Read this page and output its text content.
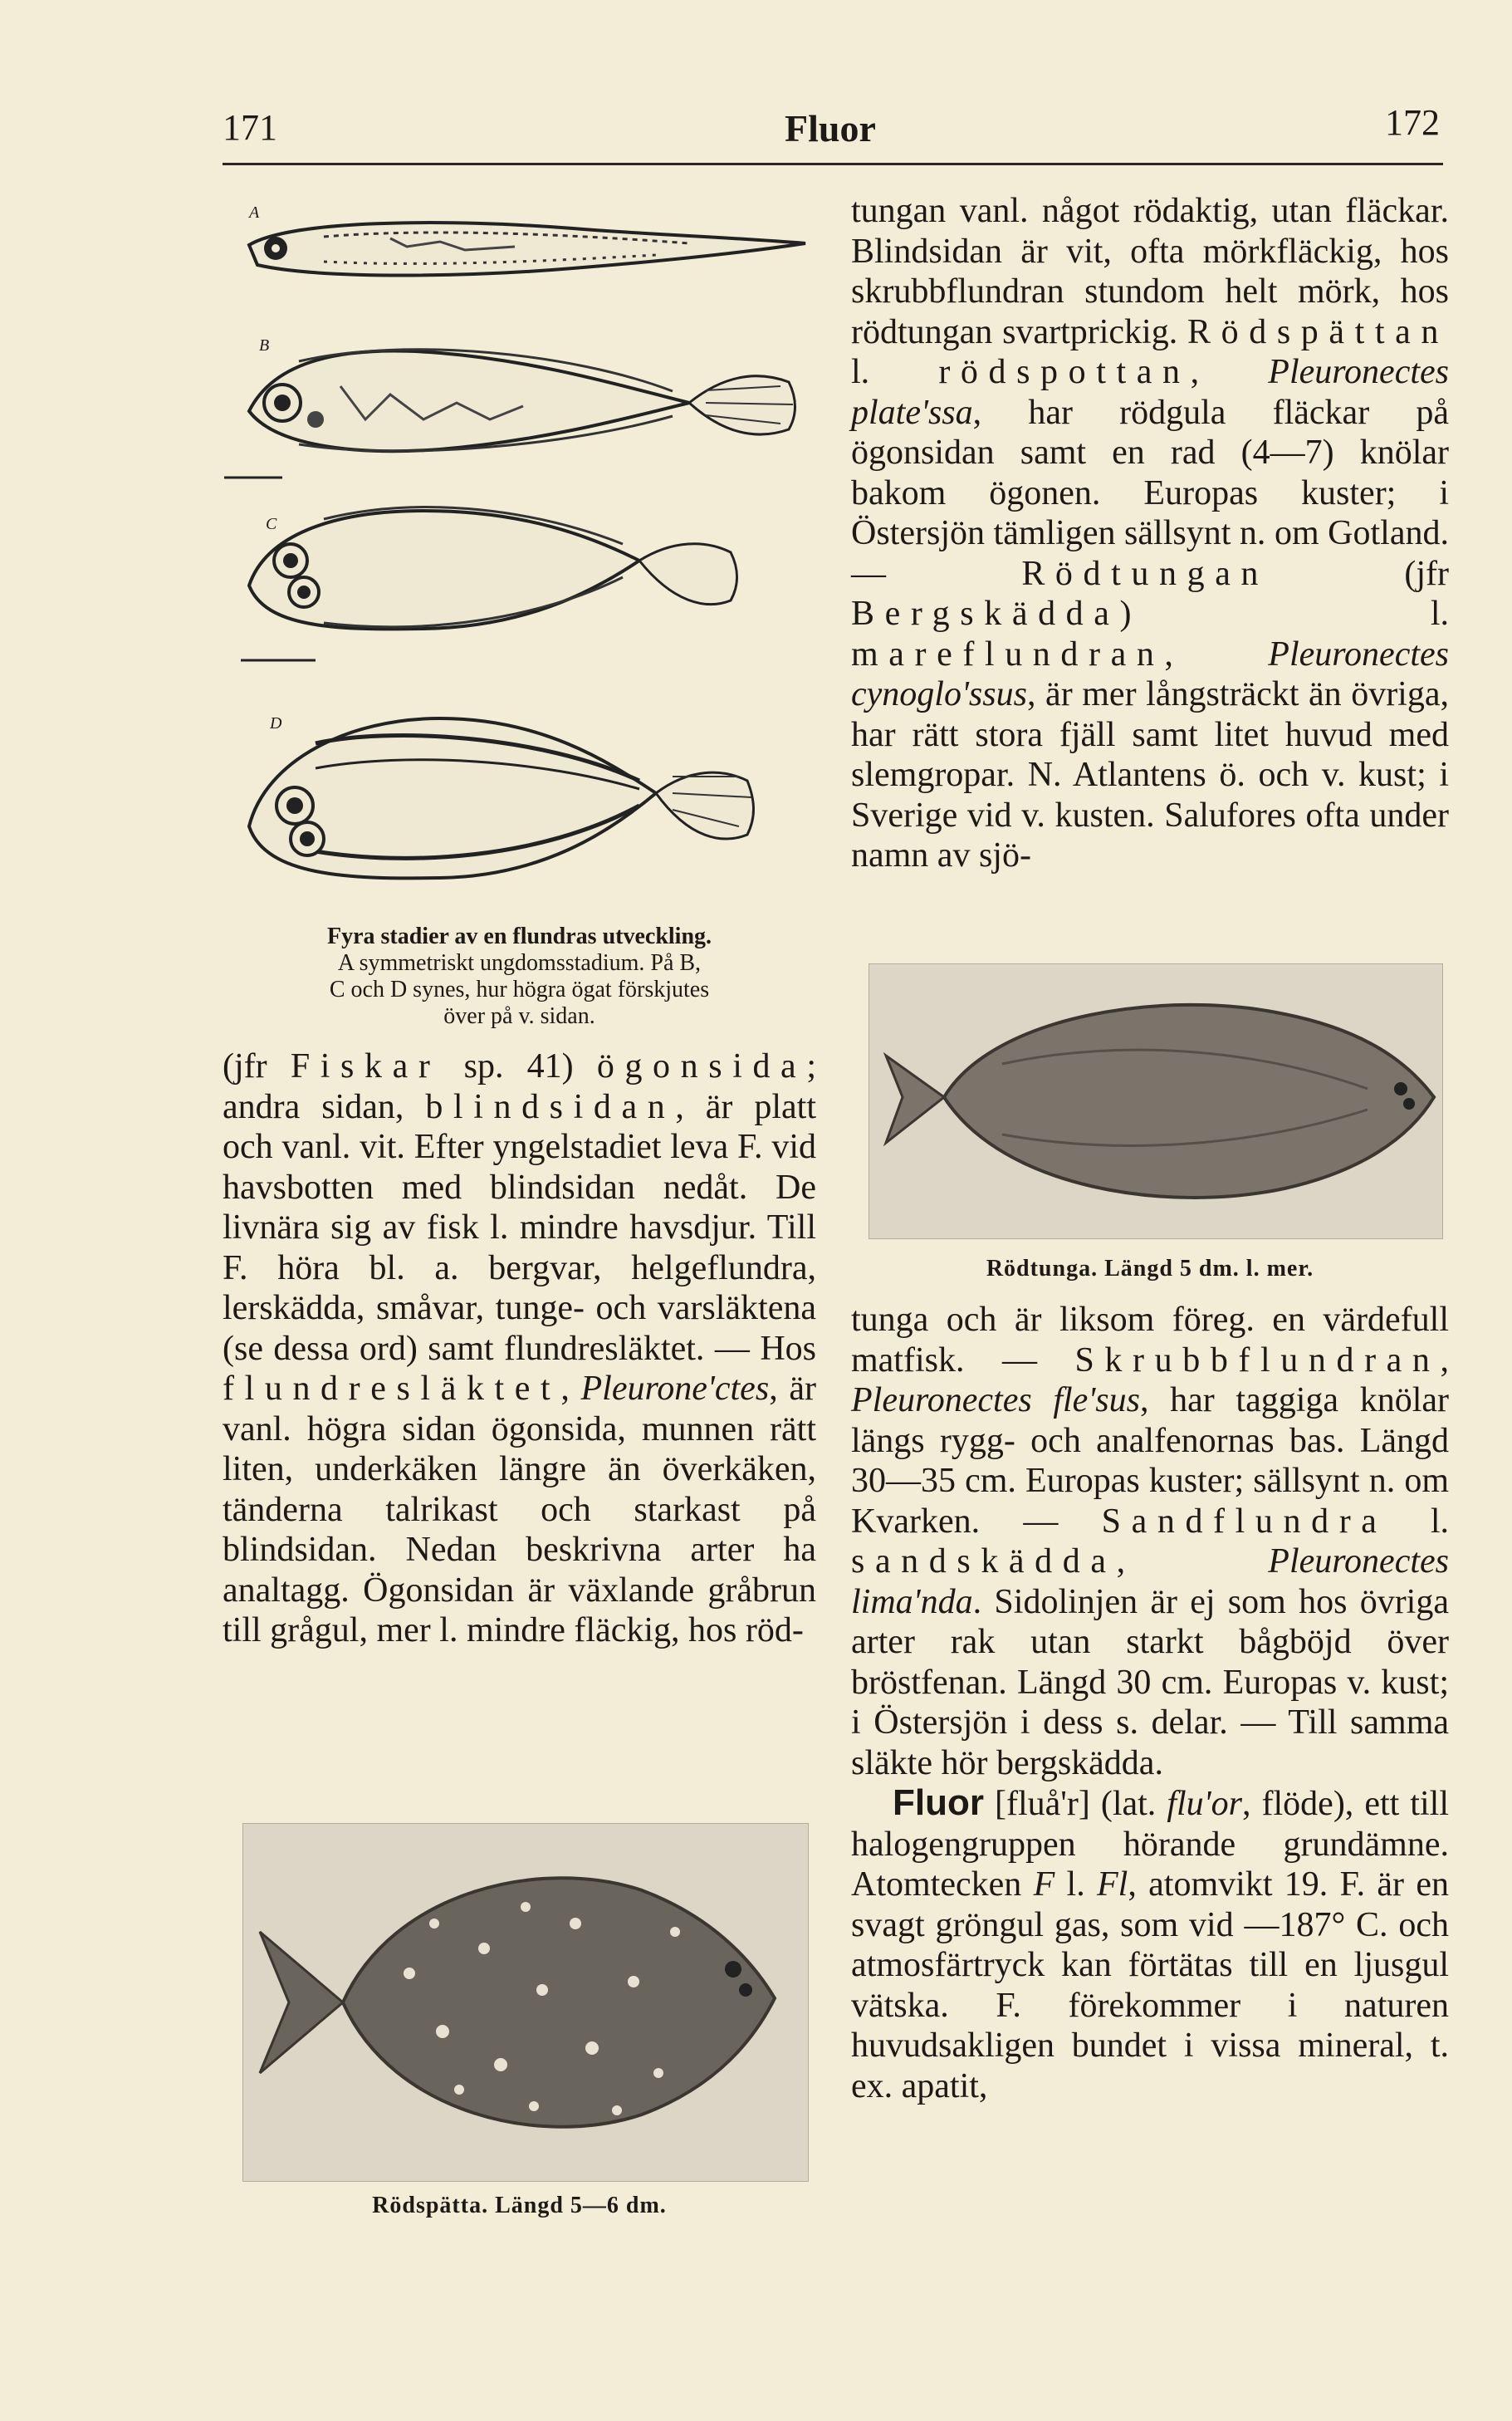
171	Fluor	172
A
B
C
D
Fyra stadier av en flundras utveckling.
A symmetriskt ungdomsstadium. På B,
C och D synes, hur högra ögat förskjutes
över på v. sidan.

(jfr Fiskar sp. 41) ögonsida; andra sidan, blindsidan, är platt och vanl. vit. Efter yngelstadiet leva F. vid havsbotten med blindsidan nedåt. De livnära sig av fisk l. mindre havsdjur. Till F. höra bl. a. bergvar, helgeflundra, lerskädda, småvar, tunge- och varsläktena (se dessa ord) samt flundresläktet. — Hos flundresläktet, Pleurone'ctes, är vanl. högra sidan ögonsida, munnen rätt liten, underkäken längre än överkäken, tänderna talrikast och starkast på blindsidan. Nedan beskrivna arter ha analtagg. Ögonsidan är växlande gråbrun till grågul, mer l. mindre fläckig, hos röd-

Rödspätta. Längd 5—6 dm.

tungan vanl. något rödaktig, utan fläckar. Blindsidan är vit, ofta mörkfläckig, hos skrubbflundran stundom helt mörk, hos rödtungan svartprickig. Rödspättan l. rödspottan, Pleuronectes plate'ssa, har rödgula fläckar på ögonsidan samt en rad (4—7) knölar bakom ögonen. Europas kuster; i Östersjön tämligen sällsynt n. om Gotland. — Rödtungan (jfr Bergskädda) l. mareflundran, Pleuronectes cynoglo'ssus, är mer långsträckt än övriga, har rätt stora fjäll samt litet huvud med slemgropar. N. Atlantens ö. och v. kust; i Sverige vid v. kusten. Salufores ofta under namn av sjö-

Rödtunga. Längd 5 dm. l. mer.

tunga och är liksom föreg. en värdefull matfisk. — Skrubbflundran, Pleuronectes fle'sus, har taggiga knölar längs rygg- och analfenornas bas. Längd 30—35 cm. Europas kuster; sällsynt n. om Kvarken. — Sandflundra l. sandskädda, Pleuronectes lima'nda. Sidolinjen är ej som hos övriga arter rak utan starkt bågböjd över bröstfenan. Längd 30 cm. Europas v. kust; i Östersjön i dess s. delar. — Till samma släkte hör bergskädda.

Fluor [fluå'r] (lat. flu'or, flöde), ett till halogengruppen hörande grundämne. Atomtecken F l. Fl, atomvikt 19. F. är en svagt gröngul gas, som vid —187° C. och atmosfärtryck kan förtätas till en ljusgul vätska. F. förekommer i naturen huvudsakligen bundet i vissa mineral, t. ex. apatit,
